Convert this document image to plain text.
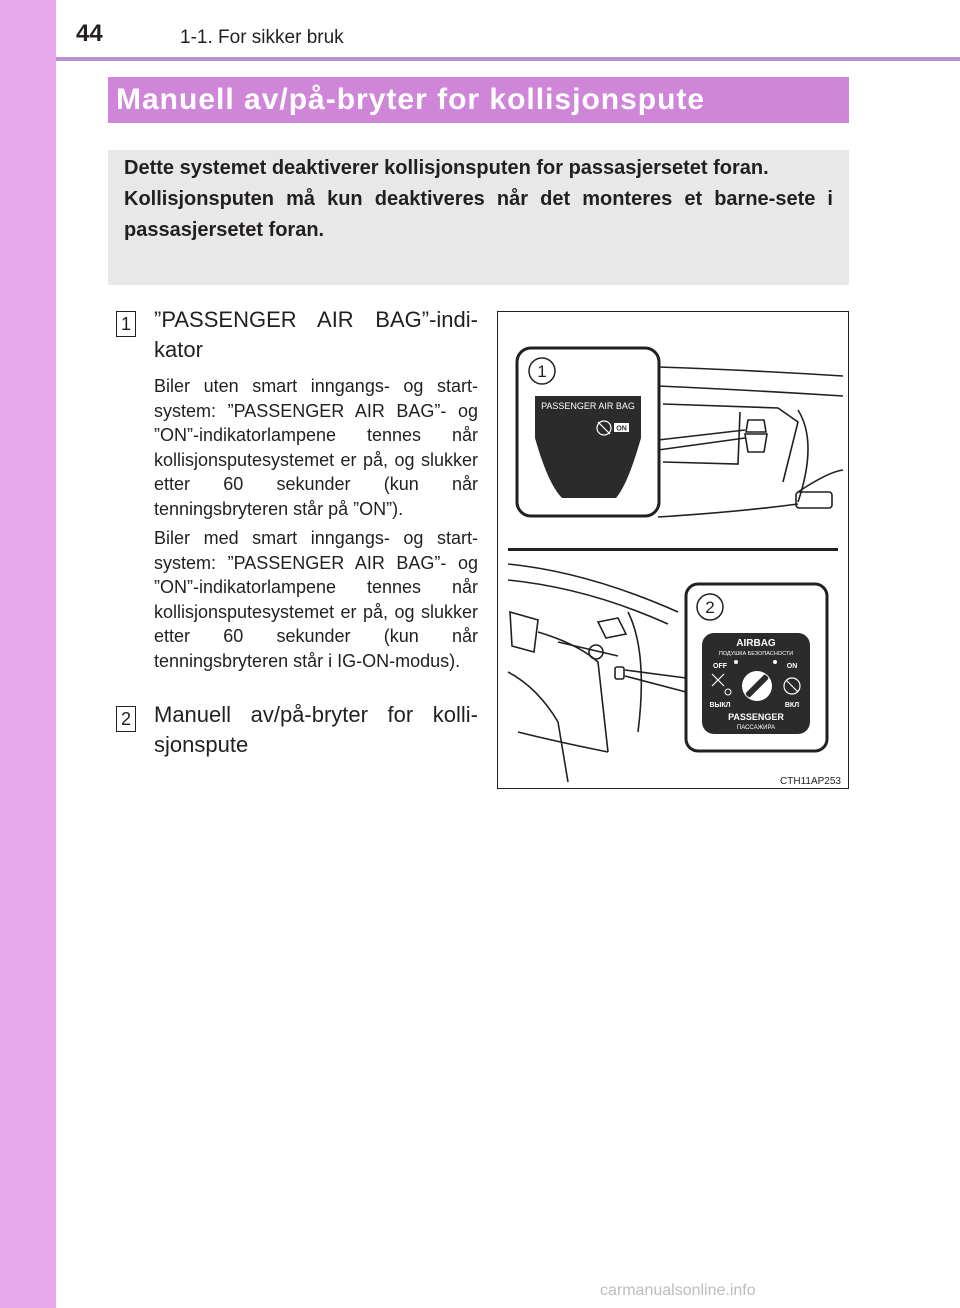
44	1-1. For sikker bruk
Manuell av/på-bryter for kollisjonspute

Dette systemet deaktiverer kollisjonsputen for passasjersetet foran.

Kollisjonsputen må kun deaktiveres når det monteres et barne-sete i passasjersetet foran.

1 ”PASSENGER AIR BAG”-indi-
kator
Biler uten smart inngangs- og start-system: ”PASSENGER AIR BAG”- og ”ON”-indikatorlampene tennes når kollisjonsputesystemet er på, og slukker etter 60 sekunder (kun når tenningsbryteren står på ”ON”).
Biler med smart inngangs- og start-system: ”PASSENGER AIR BAG”- og ”ON”-indikatorlampene tennes når kollisjonsputesystemet er på, og slukker etter 60 sekunder (kun når tenningsbryteren står i IG-ON-modus).
2 Manuell av/på-bryter for kolli-
sjonspute
1
PASSENGER AIR BAG
ON
2
AIRBAG
ПОДУШКА БЕЗОПАСНОСТИ
OFF	ON
ВЫКЛ	ВКЛ
PASSENGER
ПАССАЖИРА
CTH11AP253
carmanualsonline.info
